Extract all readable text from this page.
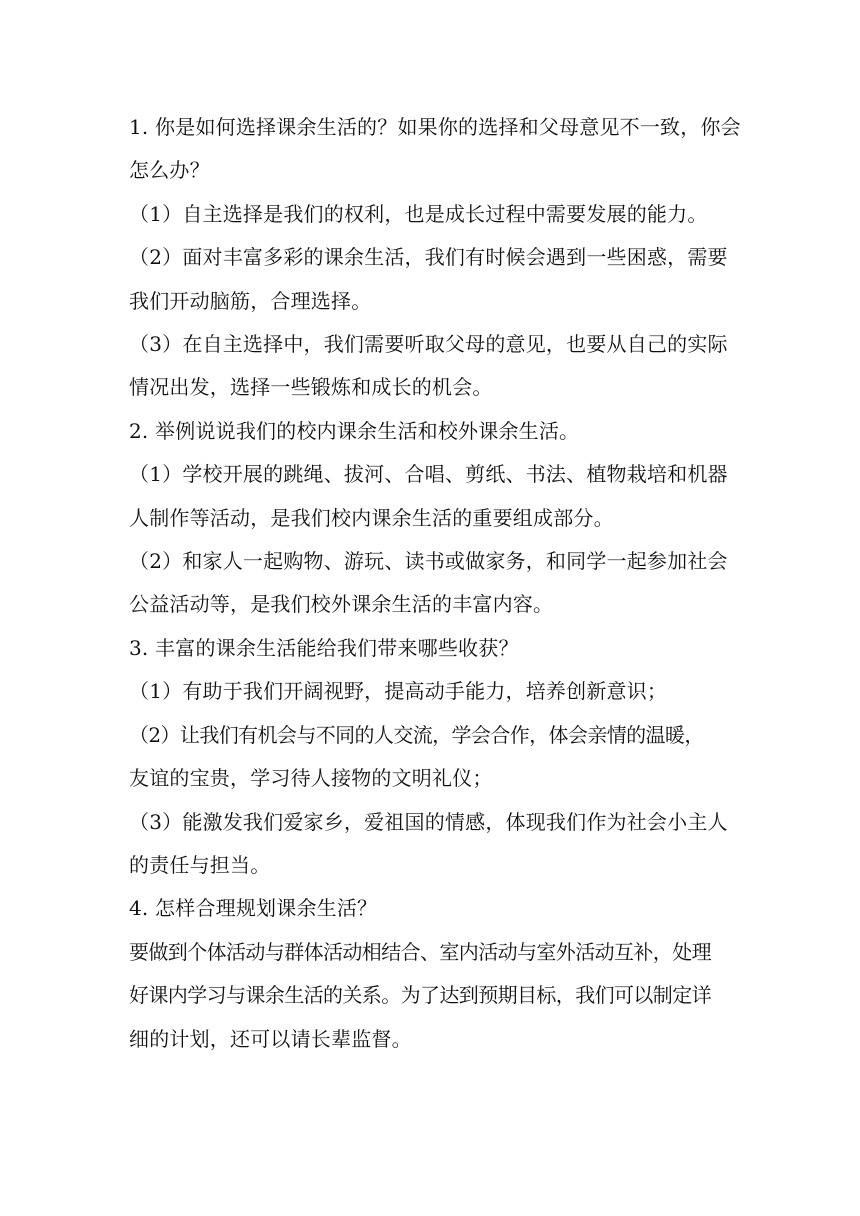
1. 你是如何选择课余生活的？如果你的选择和父母意见不一致，你会
怎么办？
（1）自主选择是我们的权利，也是成长过程中需要发展的能力。
（2）面对丰富多彩的课余生活，我们有时候会遇到一些困惑，需要
我们开动脑筋，合理选择。
（3）在自主选择中，我们需要听取父母的意见，也要从自己的实际
情况出发，选择一些锻炼和成长的机会。
2. 举例说说我们的校内课余生活和校外课余生活。
（1）学校开展的跳绳、拔河、合唱、剪纸、书法、植物栽培和机器
人制作等活动，是我们校内课余生活的重要组成部分。
（2）和家人一起购物、游玩、读书或做家务，和同学一起参加社会
公益活动等，是我们校外课余生活的丰富内容。
3. 丰富的课余生活能给我们带来哪些收获？
（1）有助于我们开阔视野，提高动手能力，培养创新意识；
（2）让我们有机会与不同的人交流，学会合作，体会亲情的温暖，
友谊的宝贵，学习待人接物的文明礼仪；
（3）能激发我们爱家乡，爱祖国的情感，体现我们作为社会小主人
的责任与担当。
4. 怎样合理规划课余生活？
要做到个体活动与群体活动相结合、室内活动与室外活动互补，处理
好课内学习与课余生活的关系。为了达到预期目标，我们可以制定详
细的计划，还可以请长辈监督。
